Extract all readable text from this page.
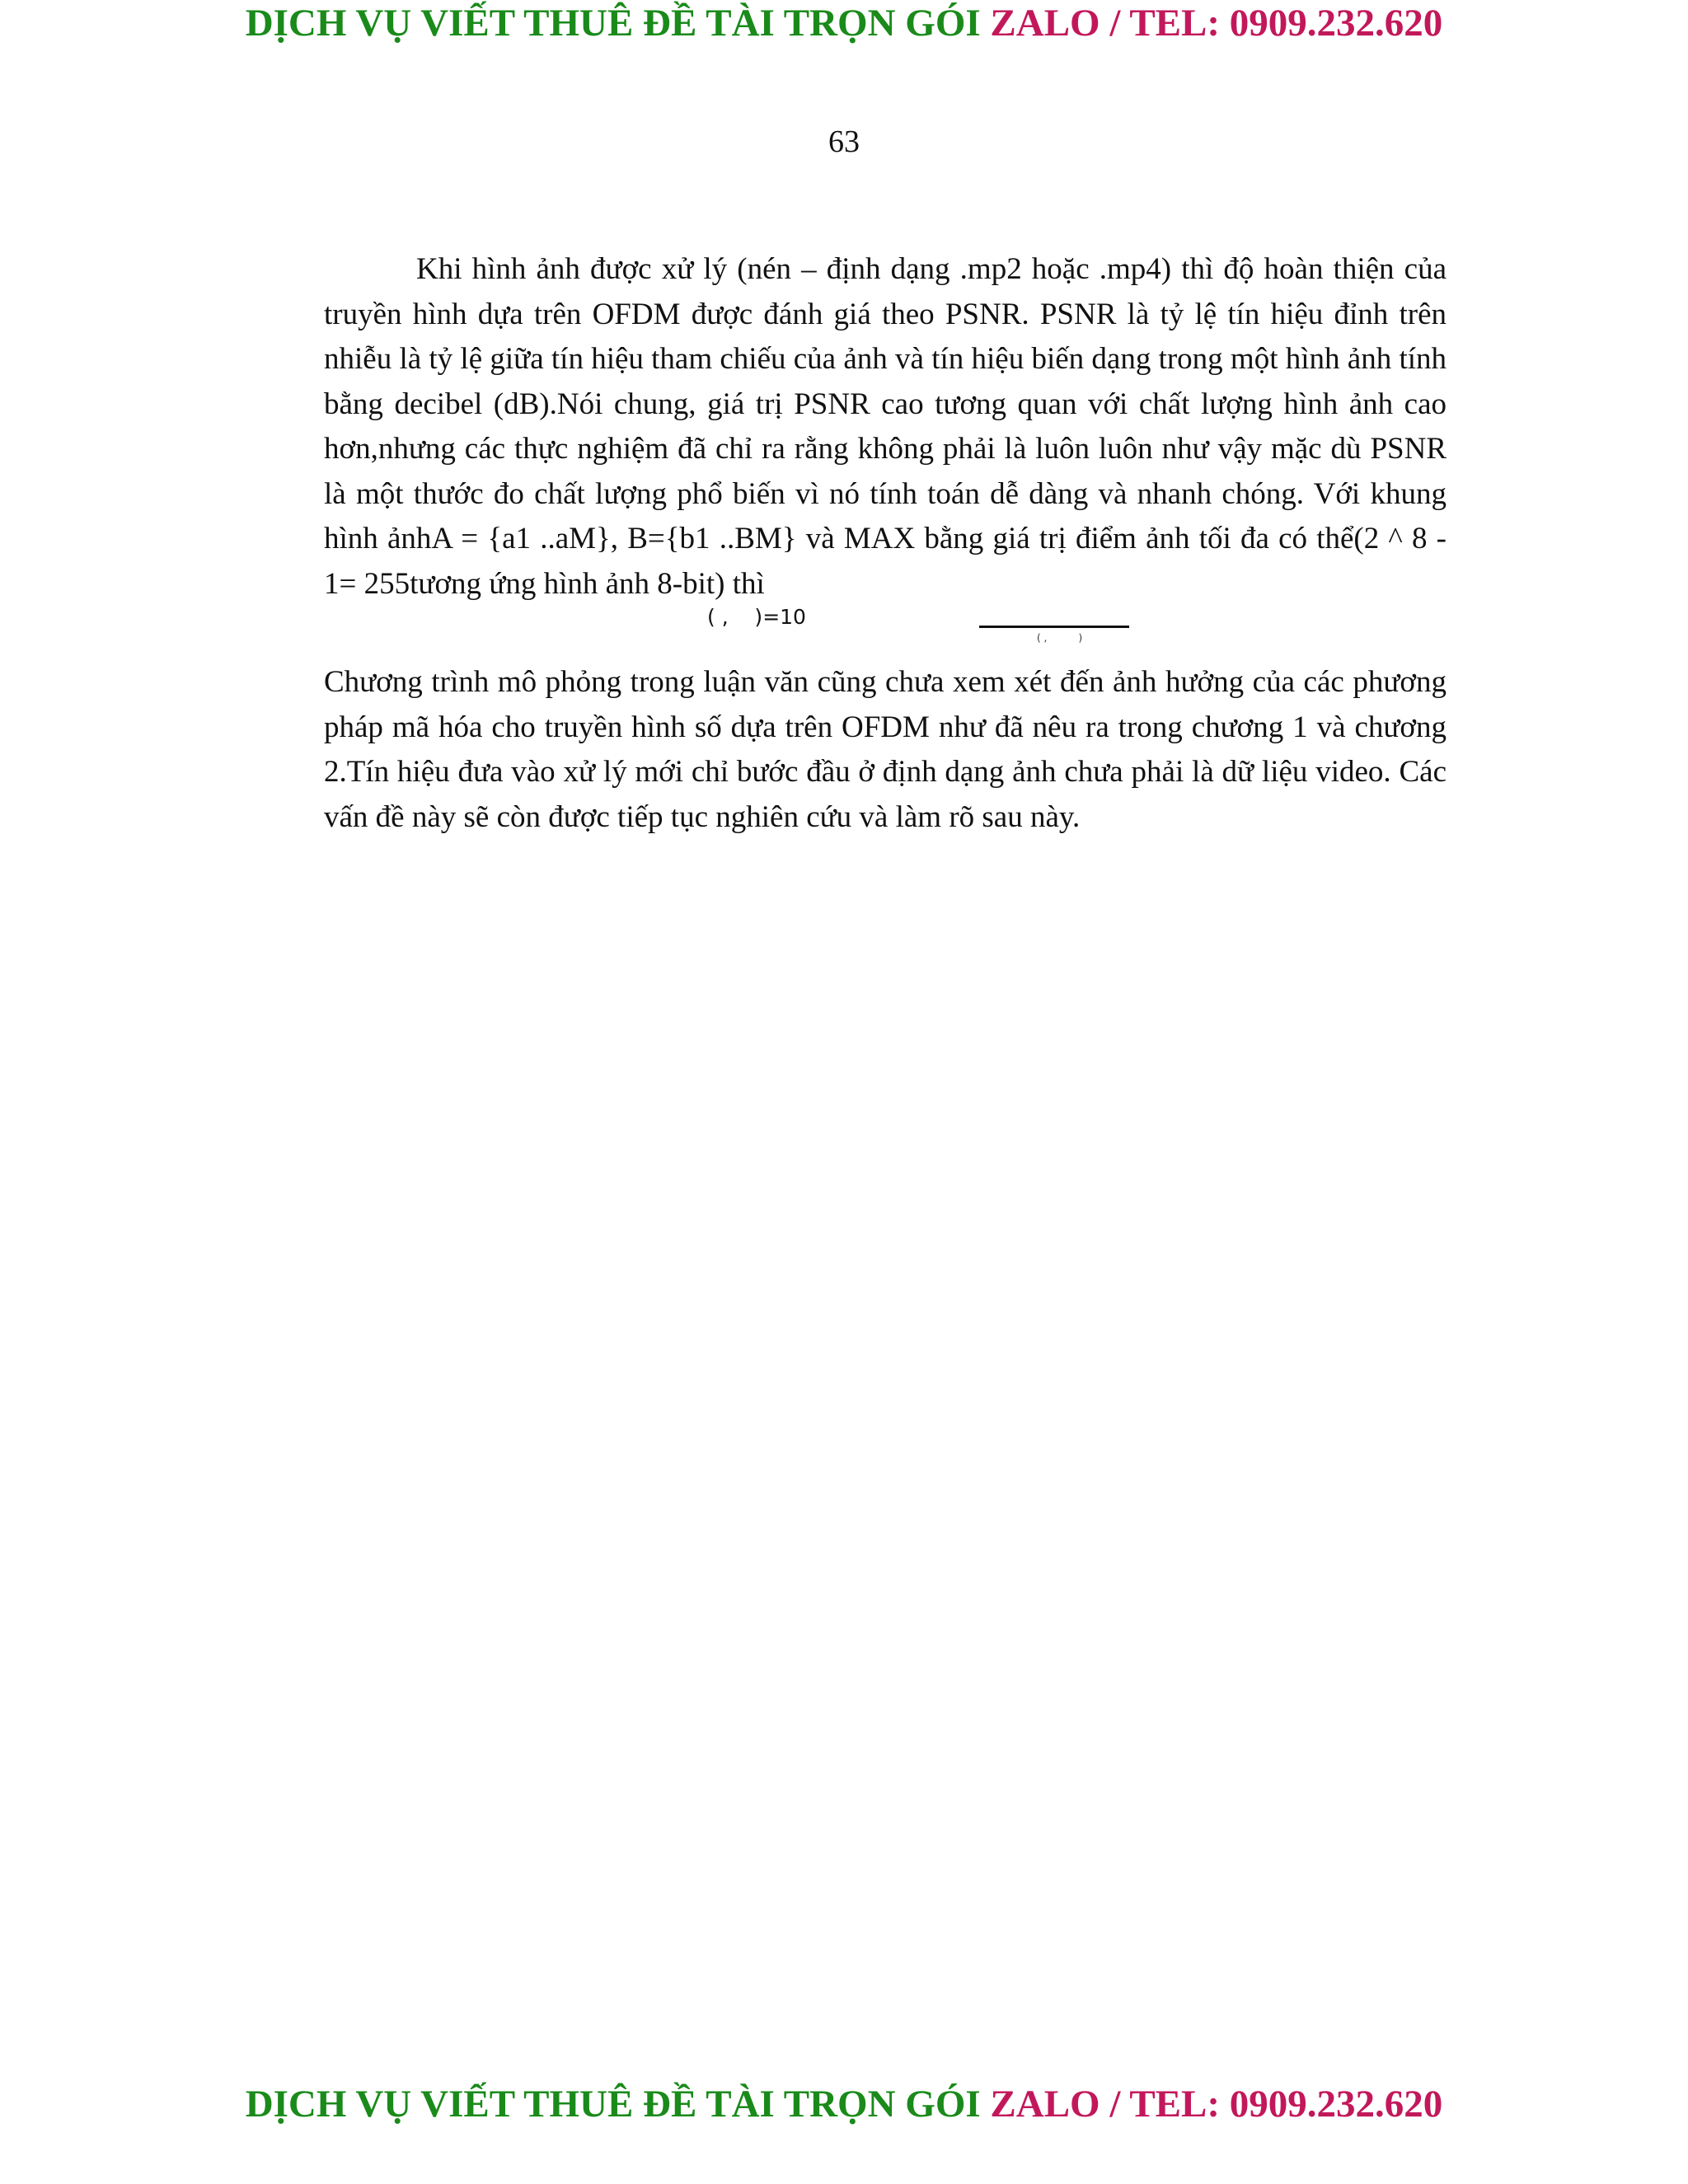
DỊCH VỤ VIẾT THUÊ ĐỀ TÀI TRỌN GÓI ZALO / TEL: 0909.232.620
63
Khi hình ảnh được xử lý (nén – định dạng .mp2 hoặc .mp4) thì độ hoàn thiện của truyền hình dựa trên OFDM được đánh giá theo PSNR. PSNR là tỷ lệ tín hiệu đỉnh trên nhiễu là tỷ lệ giữa tín hiệu tham chiếu của ảnh và tín hiệu biến dạng trong một hình ảnh tính bằng decibel (dB).Nói chung, giá trị PSNR cao tương quan với chất lượng hình ảnh cao hơn,nhưng các thực nghiệm đã chỉ ra rằng không phải là luôn luôn như vậy mặc dù PSNR là một thước đo chất lượng phổ biến vì nó tính toán dễ dàng và nhanh chóng. Với khung hình ảnhA = {a1 ..aM}, B={b1 ..BM} và MAX bằng giá trị điểm ảnh tối đa có thể(2 ^ 8 - 1= 255tương ứng hình ảnh 8-bit) thì
( ,    )=10
( ,          )
Chương trình mô phỏng trong luận văn cũng chưa xem xét đến ảnh hưởng của các phương pháp mã hóa cho truyền hình số dựa trên OFDM như đã nêu ra trong chương 1 và chương 2.Tín hiệu đưa vào xử lý mới chỉ bước đầu ở định dạng ảnh chưa phải là dữ liệu video. Các vấn đề này sẽ còn được tiếp tục nghiên cứu và làm rõ sau này.
DỊCH VỤ VIẾT THUÊ ĐỀ TÀI TRỌN GÓI ZALO / TEL: 0909.232.620
